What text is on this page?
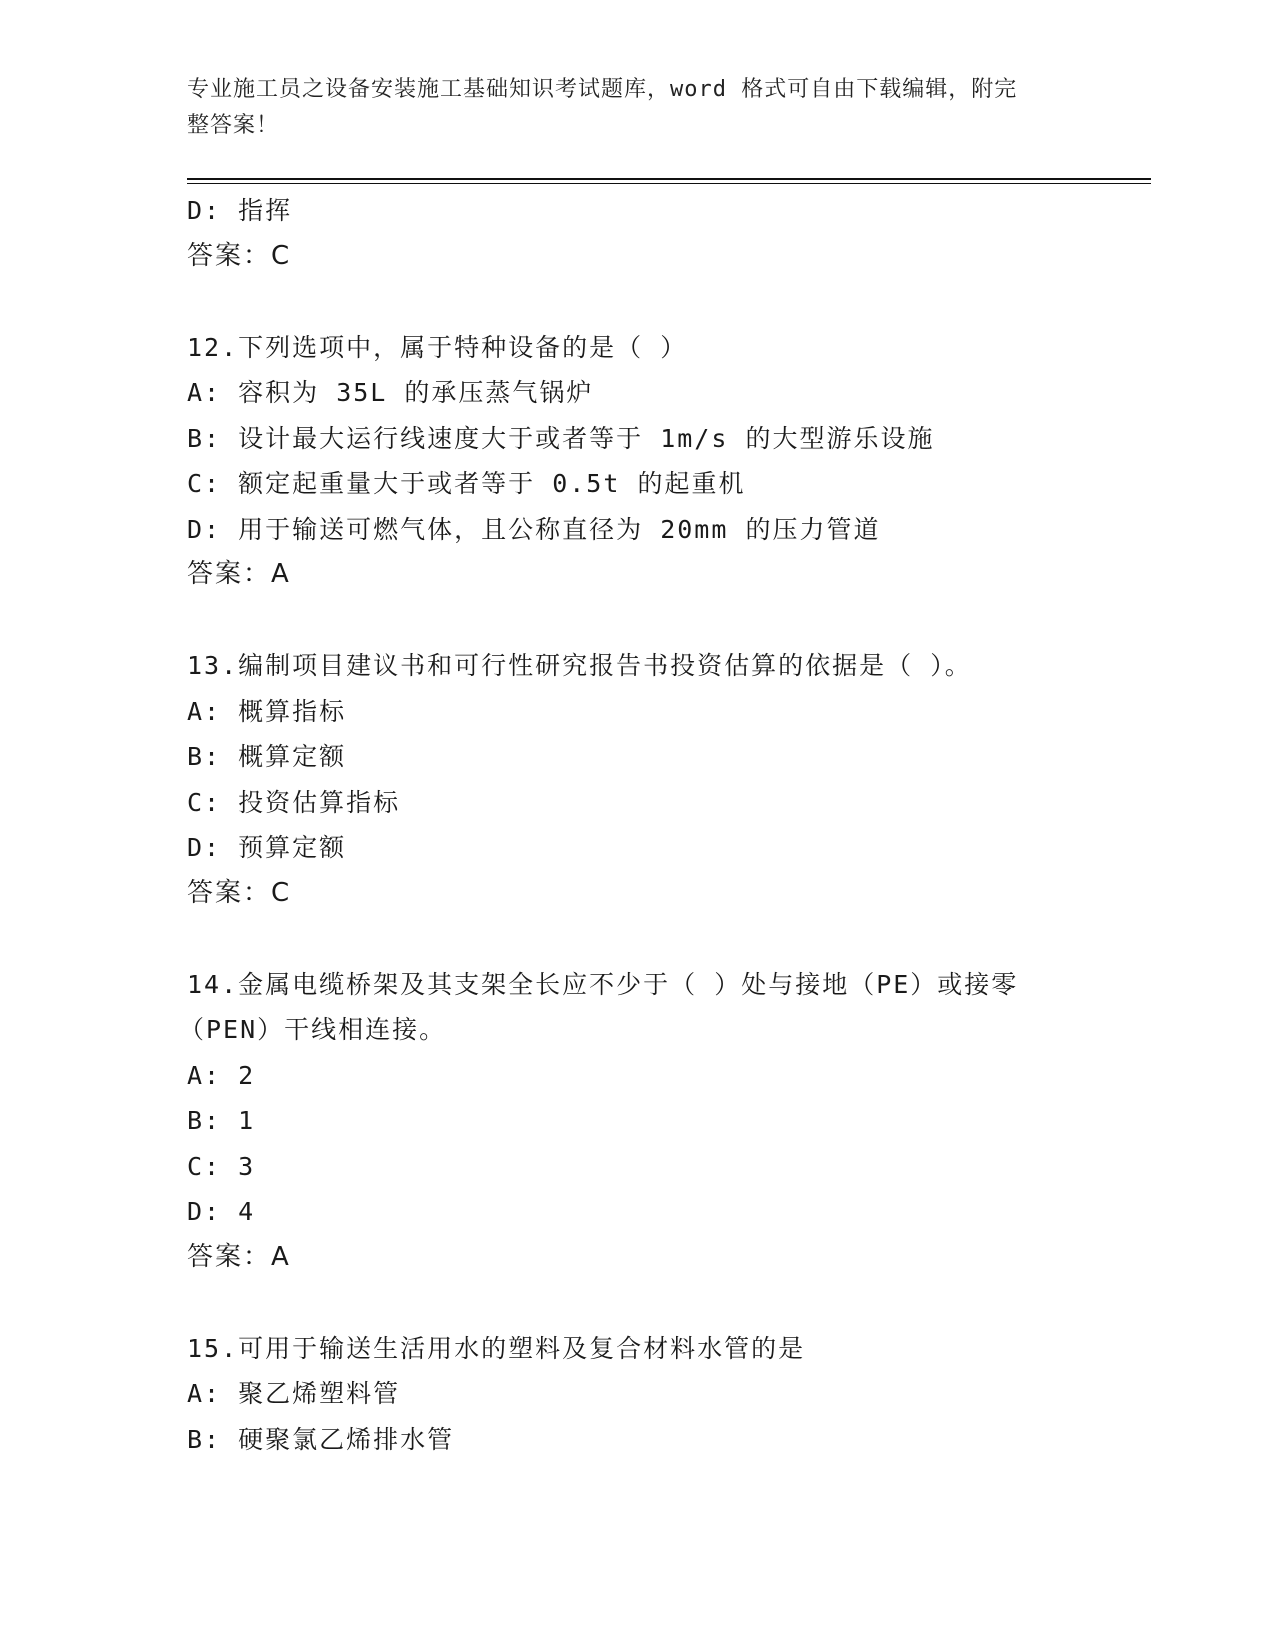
专业施工员之设备安装施工基础知识考试题库，word 格式可自由下载编辑，附完
整答案！
D: 指挥
答案：C
12.下列选项中，属于特种设备的是（ ）
A: 容积为 35L 的承压蒸气锅炉
B: 设计最大运行线速度大于或者等于 1m/s 的大型游乐设施
C: 额定起重量大于或者等于 0.5t 的起重机
D: 用于输送可燃气体，且公称直径为 20mm 的压力管道
答案：A
13.编制项目建议书和可行性研究报告书投资估算的依据是（ ）。
A: 概算指标
B: 概算定额
C: 投资估算指标
D: 预算定额
答案：C
14.金属电缆桥架及其支架全长应不少于（ ）处与接地（PE）或接零
（PEN）干线相连接。
A: 2
B: 1
C: 3
D: 4
答案：A
15.可用于输送生活用水的塑料及复合材料水管的是
A: 聚乙烯塑料管
B: 硬聚氯乙烯排水管
